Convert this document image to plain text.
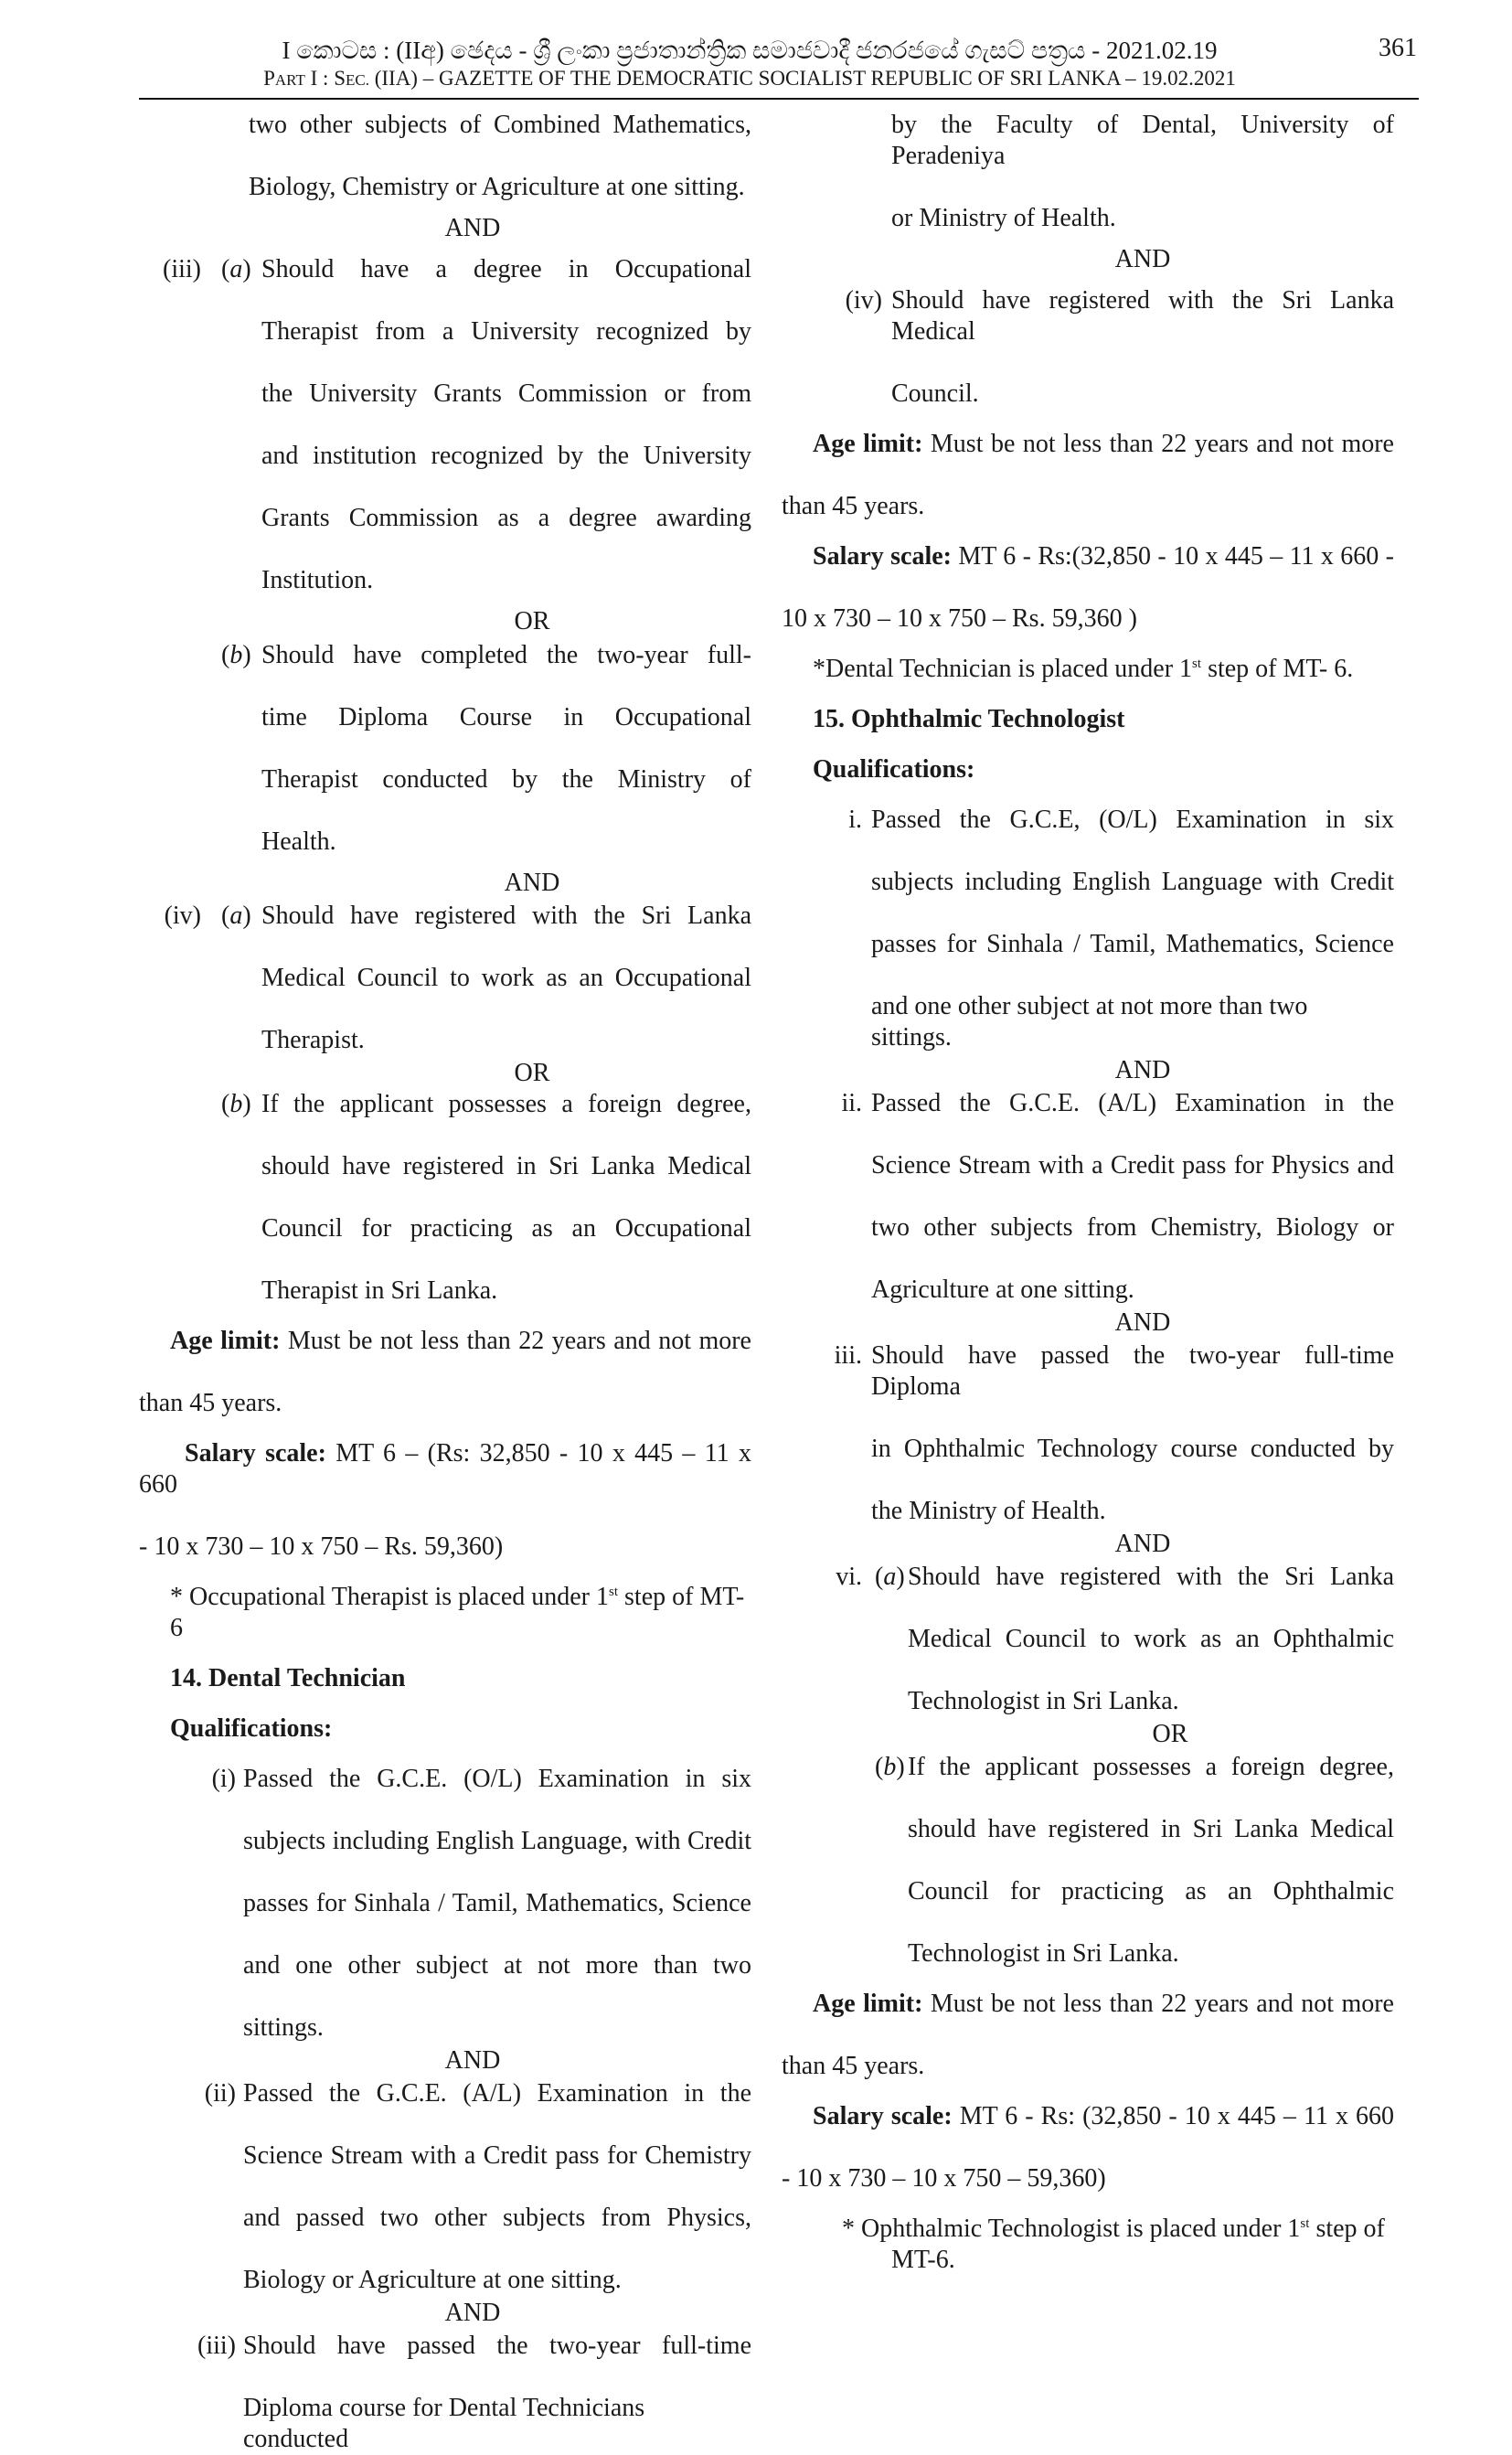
I කොටස : (IIඅ) ඡෙදය - ශ්‍රී ලංකා ප්‍රජාතාන්ත්‍රික සමාජවාදී ජනරජයේ ගැසට් පත්‍රය - 2021.02.19
PART I : SEC. (IIA) – GAZETTE OF THE DEMOCRATIC SOCIALIST REPUBLIC OF SRI LANKA – 19.02.2021
361

two other subjects of Combined Mathematics,

Biology, Chemistry or Agriculture at one sitting.

AND

(iii) (a) Should have a degree in Occupational

Therapist from a University recognized by

the University Grants Commission or from

and institution recognized by the University

Grants Commission as a degree awarding

Institution.

OR

(b) Should have completed the two-year full-

time Diploma Course in Occupational

Therapist conducted by the Ministry of

Health.

AND

(iv) (a) Should have registered with the Sri Lanka

Medical Council to work as an Occupational

Therapist.

OR

(b) If the applicant possesses a foreign degree,

should have registered in Sri Lanka Medical

Council for practicing as an Occupational

Therapist in Sri Lanka.

Age limit: Must be not less than 22 years and not more

than 45 years.

Salary scale: MT 6 – (Rs: 32,850 - 10 x 445 – 11 x 660

- 10 x 730 – 10 x 750 – Rs. 59,360)

* Occupational Therapist is placed under 1st step of MT-6

14. Dental Technician

Qualifications:

(i) Passed the G.C.E. (O/L) Examination in six

subjects including English Language, with Credit

passes for Sinhala / Tamil, Mathematics, Science

and one other subject at not more than two

sittings.

AND

(ii) Passed the G.C.E. (A/L) Examination in the

Science Stream with a Credit pass for Chemistry

and passed two other subjects from Physics,

Biology or Agriculture at one sitting.

AND

(iii) Should have passed the two-year full-time

Diploma course for Dental Technicians conducted

by the Faculty of Dental, University of Peradeniya

or Ministry of Health.

AND

(iv) Should have registered with the Sri Lanka Medical

Council.

Age limit: Must be not less than 22 years and not more

than 45 years.

Salary scale: MT 6 - Rs:(32,850 - 10 x 445 – 11 x 660 -

10 x 730 – 10 x 750 – Rs. 59,360 )

*Dental Technician is placed under 1st step of MT- 6.

15. Ophthalmic Technologist

Qualifications:

i. Passed the G.C.E, (O/L) Examination in six

subjects including English Language with Credit

passes for Sinhala / Tamil, Mathematics, Science

and one other subject at not more than two sittings.

AND

ii. Passed the G.C.E. (A/L) Examination in the

Science Stream with a Credit pass for Physics and

two other subjects from Chemistry, Biology or

Agriculture at one sitting.

AND

iii. Should have passed the two-year full-time Diploma

in Ophthalmic Technology course conducted by

the Ministry of Health.

AND

vi. (a) Should have registered with the Sri Lanka

Medical Council to work as an Ophthalmic

Technologist in Sri Lanka.

OR

(b) If the applicant possesses a foreign degree,

should have registered in Sri Lanka Medical

Council for practicing as an Ophthalmic

Technologist in Sri Lanka.

Age limit: Must be not less than 22 years and not more

than 45 years.

Salary scale: MT 6 - Rs: (32,850 - 10 x 445 – 11 x 660

- 10 x 730 – 10 x 750 – 59,360)

* Ophthalmic Technologist is placed under 1st step of

MT-6.
